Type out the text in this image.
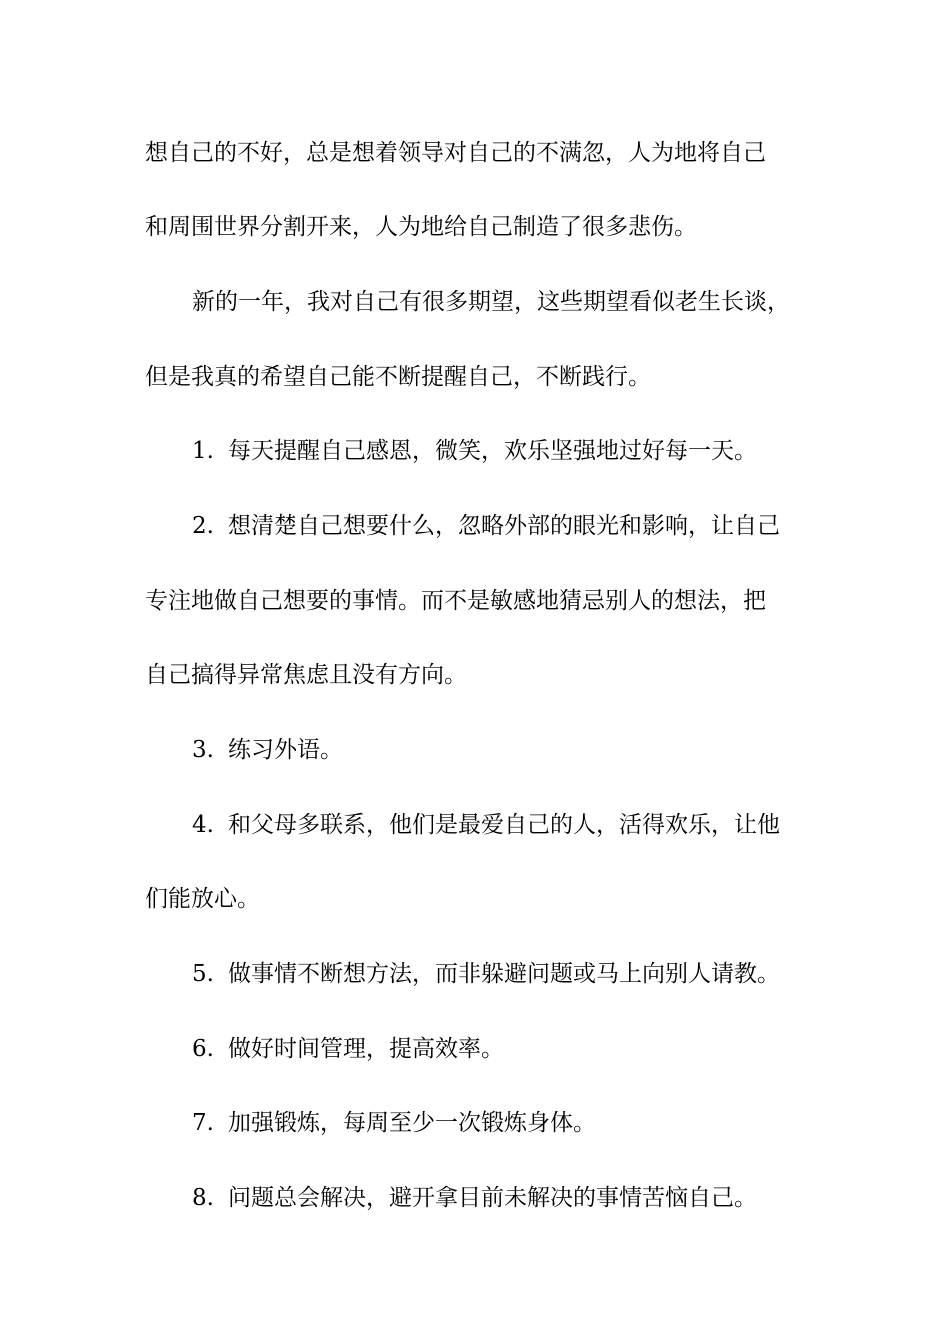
想自己的不好，总是想着领导对自己的不满忽，人为地将自己
和周围世界分割开来，人为地给自己制造了很多悲伤。
新的一年，我对自己有很多期望，这些期望看似老生长谈，
但是我真的希望自己能不断提醒自己，不断践行。
1. 每天提醒自己感恩，微笑，欢乐坚强地过好每一天。
2. 想清楚自己想要什么，忽略外部的眼光和影响，让自己
专注地做自己想要的事情。而不是敏感地猜忌别人的想法，把
自己搞得异常焦虑且没有方向。
3. 练习外语。
4. 和父母多联系，他们是最爱自己的人，活得欢乐，让他
们能放心。
5. 做事情不断想方法，而非躲避问题或马上向别人请教。
6. 做好时间管理，提高效率。
7. 加强锻炼，每周至少一次锻炼身体。
8. 问题总会解决，避开拿目前未解决的事情苦恼自己。
